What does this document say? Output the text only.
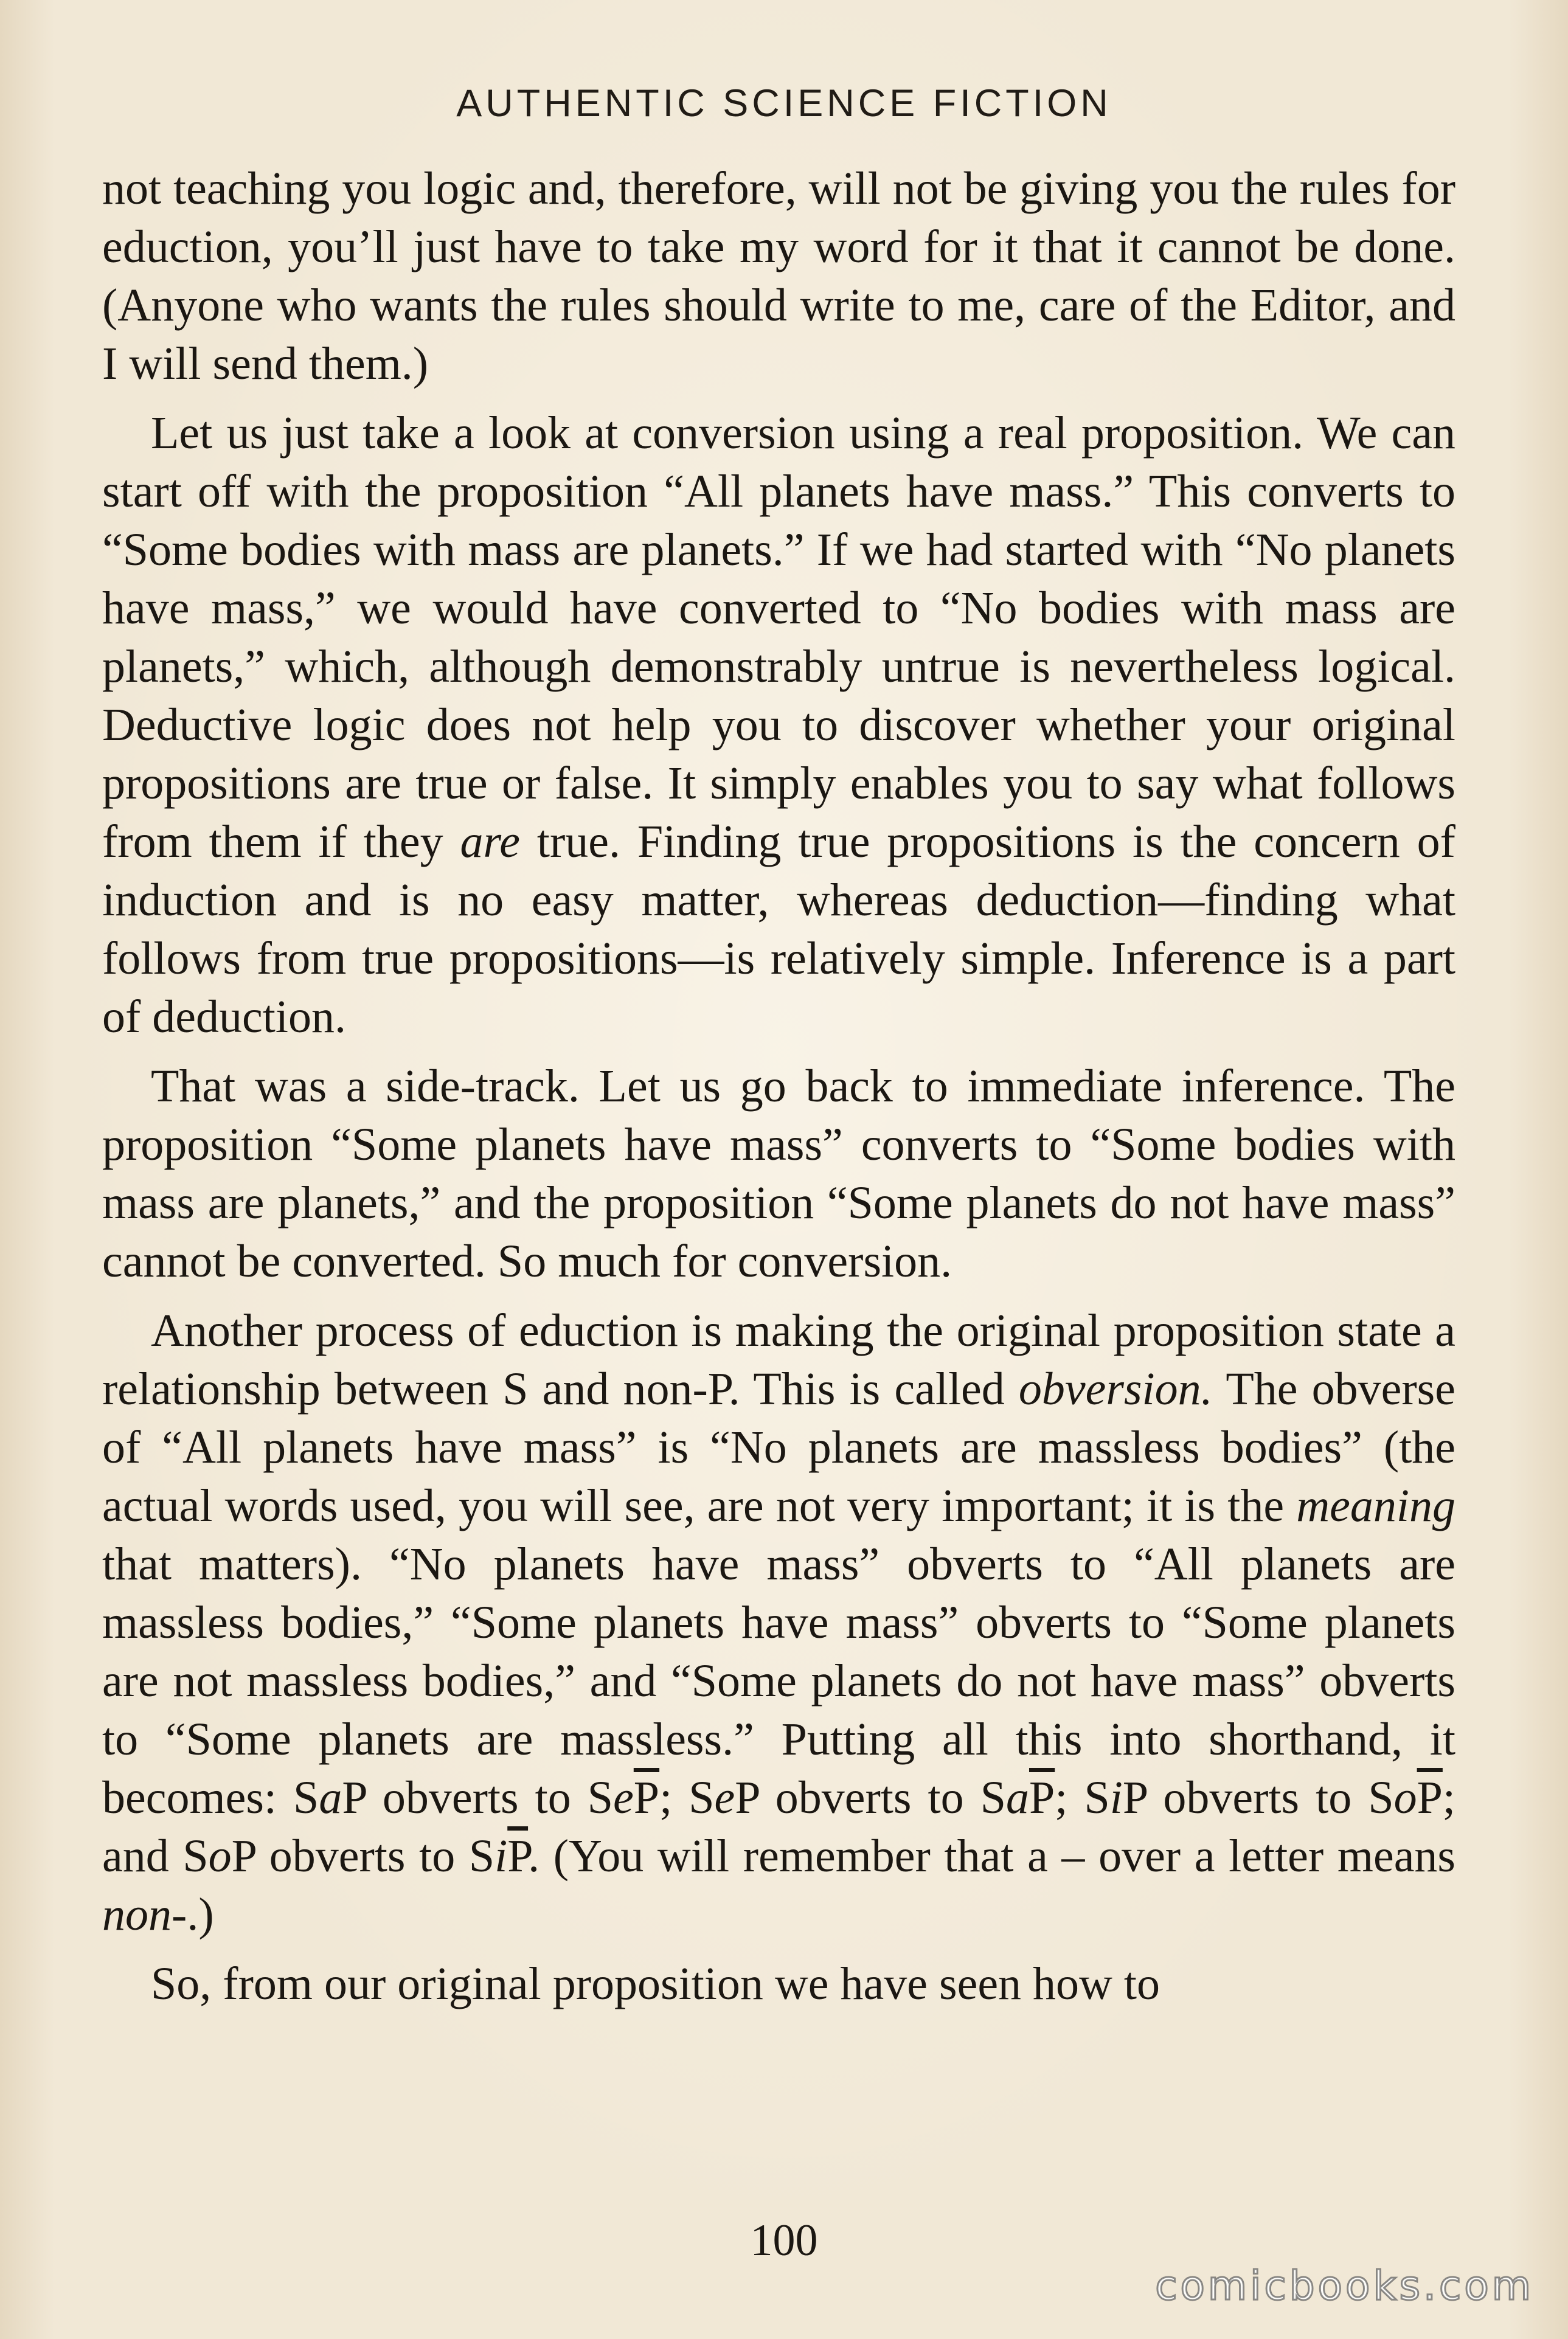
AUTHENTIC SCIENCE FICTION

not teaching you logic and, therefore, will not be giving you the rules for eduction, you’ll just have to take my word for it that it cannot be done. (Anyone who wants the rules should write to me, care of the Editor, and I will send them.)

Let us just take a look at conversion using a real proposition. We can start off with the proposition “All planets have mass.” This converts to “Some bodies with mass are planets.” If we had started with “No planets have mass,” we would have converted to “No bodies with mass are planets,” which, although demonstrably untrue is nevertheless logical. Deductive logic does not help you to discover whether your original propositions are true or false. It simply enables you to say what follows from them if they are true. Finding true propositions is the concern of induction and is no easy matter, whereas deduction—finding what follows from true propositions—is relatively simple. Inference is a part of deduction.

That was a side-track. Let us go back to immediate inference. The proposition “Some planets have mass” converts to “Some bodies with mass are planets,” and the proposition “Some planets do not have mass” cannot be converted. So much for conversion.

Another process of eduction is making the original proposition state a relationship between S and non-P. This is called obversion. The obverse of “All planets have mass” is “No planets are massless bodies” (the actual words used, you will see, are not very important; it is the meaning that matters). “No planets have mass” obverts to “All planets are massless bodies,” “Some planets have mass” obverts to “Some planets are not massless bodies,” and “Some planets do not have mass” obverts to “Some planets are massless.” Putting all this into shorthand, it becomes: SaP obverts to $Se\overline{P}$; SeP obverts to $Sa\overline{P}$; SiP obverts to $So\overline{P}$; and SoP obverts to $Si\overline{P}$. (You will remember that a – over a letter means non-.)

So, from our original proposition we have seen how to

100
comicbooks.com
